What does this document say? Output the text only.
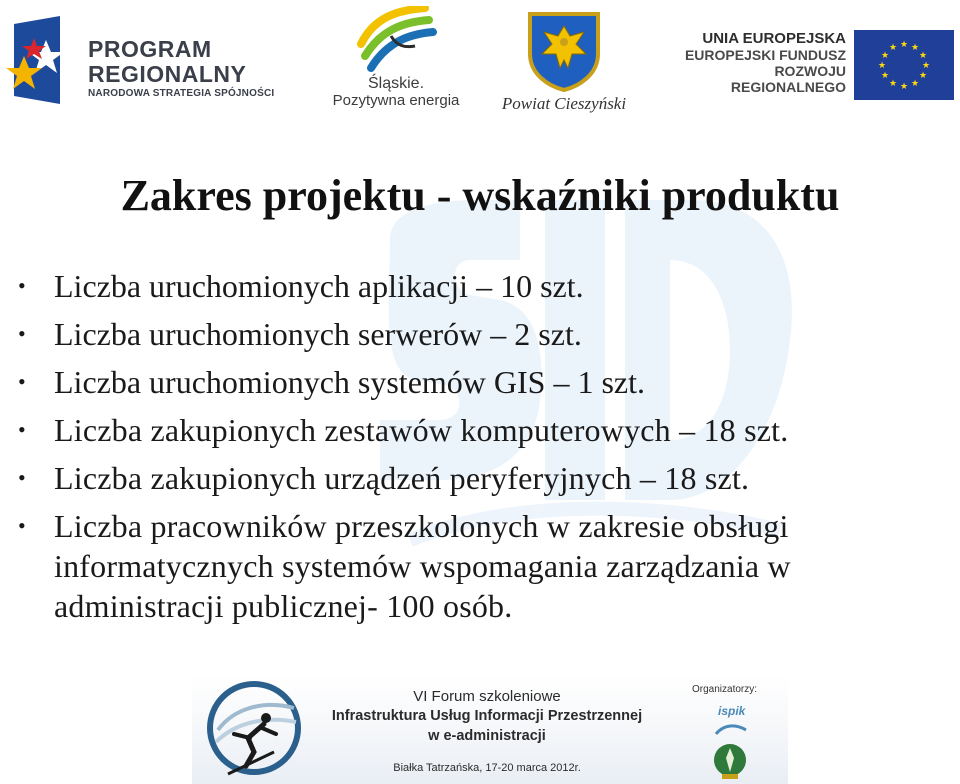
PROGRAM
REGIONALNY
NARODOWA STRATEGIA SPÓJNOŚCI
Śląskie.
Pozytywna energia	Powiat Cieszyński
UNIA EUROPEJSKA
EUROPEJSKI FUNDUSZ
ROZWOJU REGIONALNEGO
★ ★
★
★
★
★
★
★
★
★
★
★
Zakres projektu - wskaźniki produktu
• Liczba uruchomionych aplikacji – 10 szt.
• Liczba uruchomionych serwerów – 2 szt.
• Liczba uruchomionych systemów GIS – 1 szt.
• Liczba zakupionych zestawów komputerowych – 18 szt.
• Liczba zakupionych urządzeń peryferyjnych – 18 szt.
• Liczba pracowników przeszkolonych w zakresie obsługi informatycznych systemów wspomagania zarządzania w administracji publicznej- 100 osób.
VI Forum szkoleniowe
Infrastruktura Usług Informacji Przestrzennej
w e-administracji
Białka Tatrzańska, 17-20 marca 2012r.
Organizatorzy:
ispik
